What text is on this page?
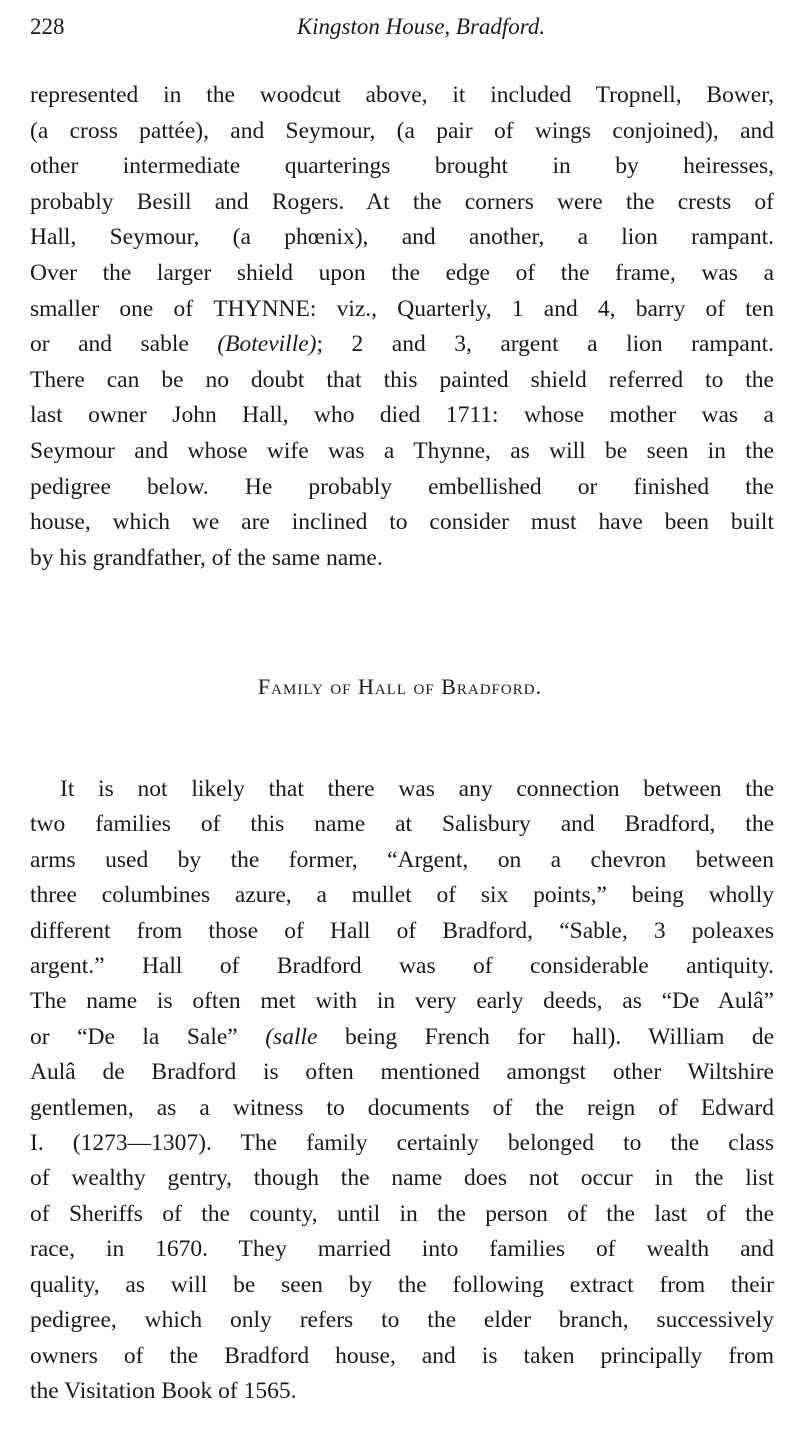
228	Kingston House, Bradford.
represented in the woodcut above, it included Tropnell, Bower,
(a cross pattée), and Seymour, (a pair of wings conjoined), and
other intermediate quarterings brought in by heiresses,
probably Besill and Rogers. At the corners were the crests of
Hall, Seymour, (a phœnix), and another, a lion rampant.
Over the larger shield upon the edge of the frame, was a
smaller one of THYNNE: viz., Quarterly, 1 and 4, barry of ten
or and sable (Boteville); 2 and 3, argent a lion rampant.
There can be no doubt that this painted shield referred to the
last owner John Hall, who died 1711: whose mother was a
Seymour and whose wife was a Thynne, as will be seen in the
pedigree below. He probably embellished or finished the
house, which we are inclined to consider must have been built
by his grandfather, of the same name.
Family of Hall of Bradford.
It is not likely that there was any connection between the
two families of this name at Salisbury and Bradford, the
arms used by the former, “Argent, on a chevron between
three columbines azure, a mullet of six points,” being wholly
different from those of Hall of Bradford, “Sable, 3 poleaxes
argent.” Hall of Bradford was of considerable antiquity.
The name is often met with in very early deeds, as “De Aulâ”
or “De la Sale” (salle being French for hall). William de
Aulâ de Bradford is often mentioned amongst other Wiltshire
gentlemen, as a witness to documents of the reign of Edward
I. (1273—1307). The family certainly belonged to the class
of wealthy gentry, though the name does not occur in the list
of Sheriffs of the county, until in the person of the last of the
race, in 1670. They married into families of wealth and
quality, as will be seen by the following extract from their
pedigree, which only refers to the elder branch, successively
owners of the Bradford house, and is taken principally from
the Visitation Book of 1565.
